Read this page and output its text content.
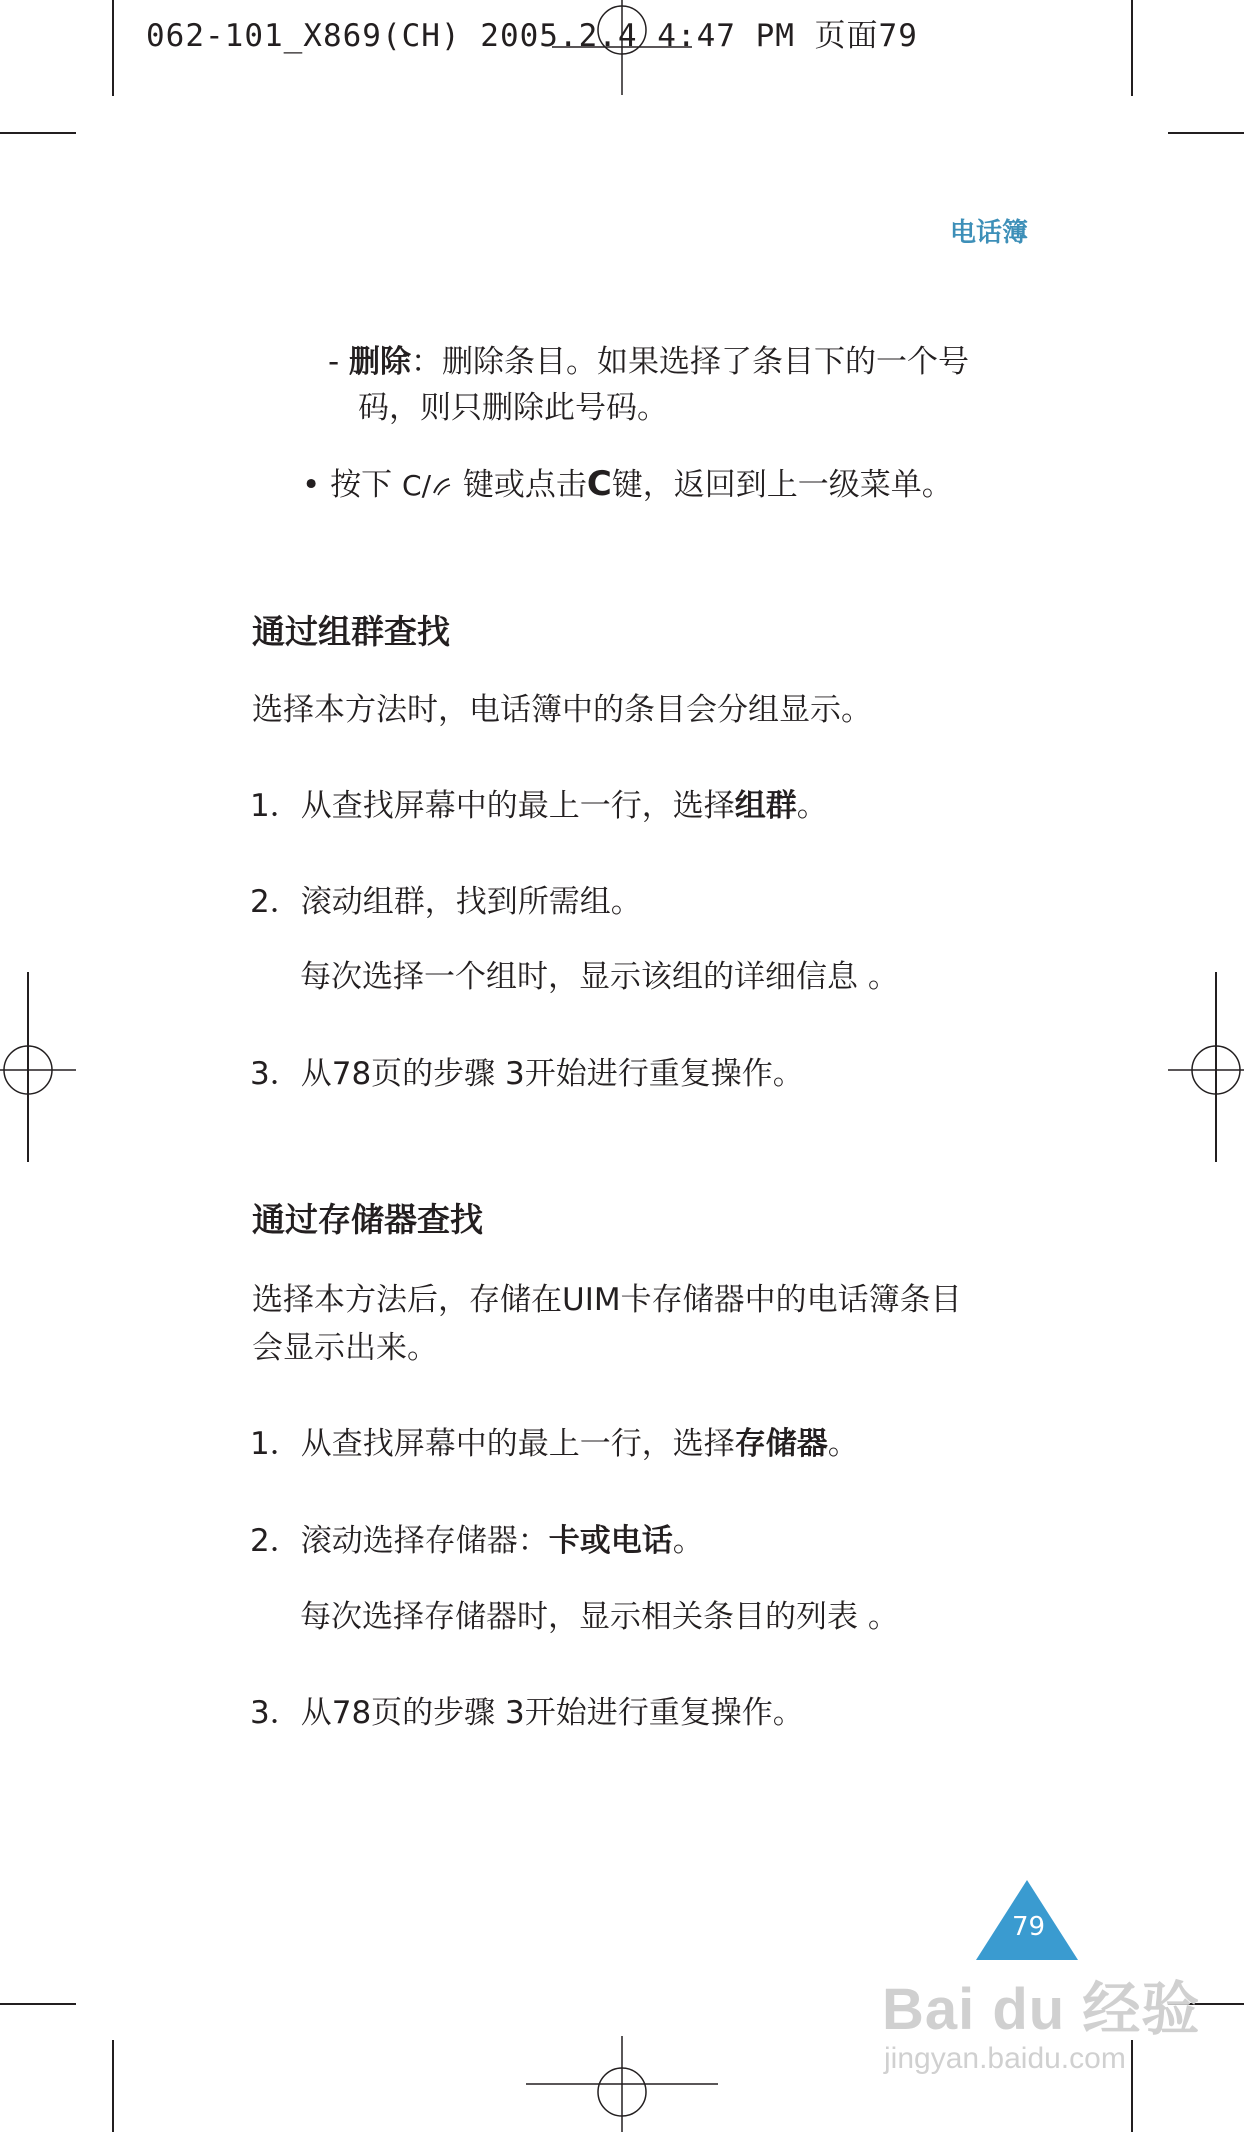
062-101_X869(CH) 2005.2.4 4:47 PM 页面79
电话簿
- 删除：删除条目。如果选择了条目下的一个号
码，则只删除此号码。
• 按下 C/ 键或点击C键，返回到上一级菜单。
通过组群查找
选择本方法时，电话簿中的条目会分组显示。
1．从查找屏幕中的最上一行，选择组群。
2．滚动组群，找到所需组。
每次选择一个组时，显示该组的详细信息 。
3．从78页的步骤 3开始进行重复操作。
通过存储器查找
选择本方法后，存储在UIM卡存储器中的电话簿条目
会显示出来。
1．从查找屏幕中的最上一行，选择存储器。
2．滚动选择存储器：卡或电话。
每次选择存储器时，显示相关条目的列表 。
3．从78页的步骤 3开始进行重复操作。
79
Bai du 经验
jingyan.baidu.com
